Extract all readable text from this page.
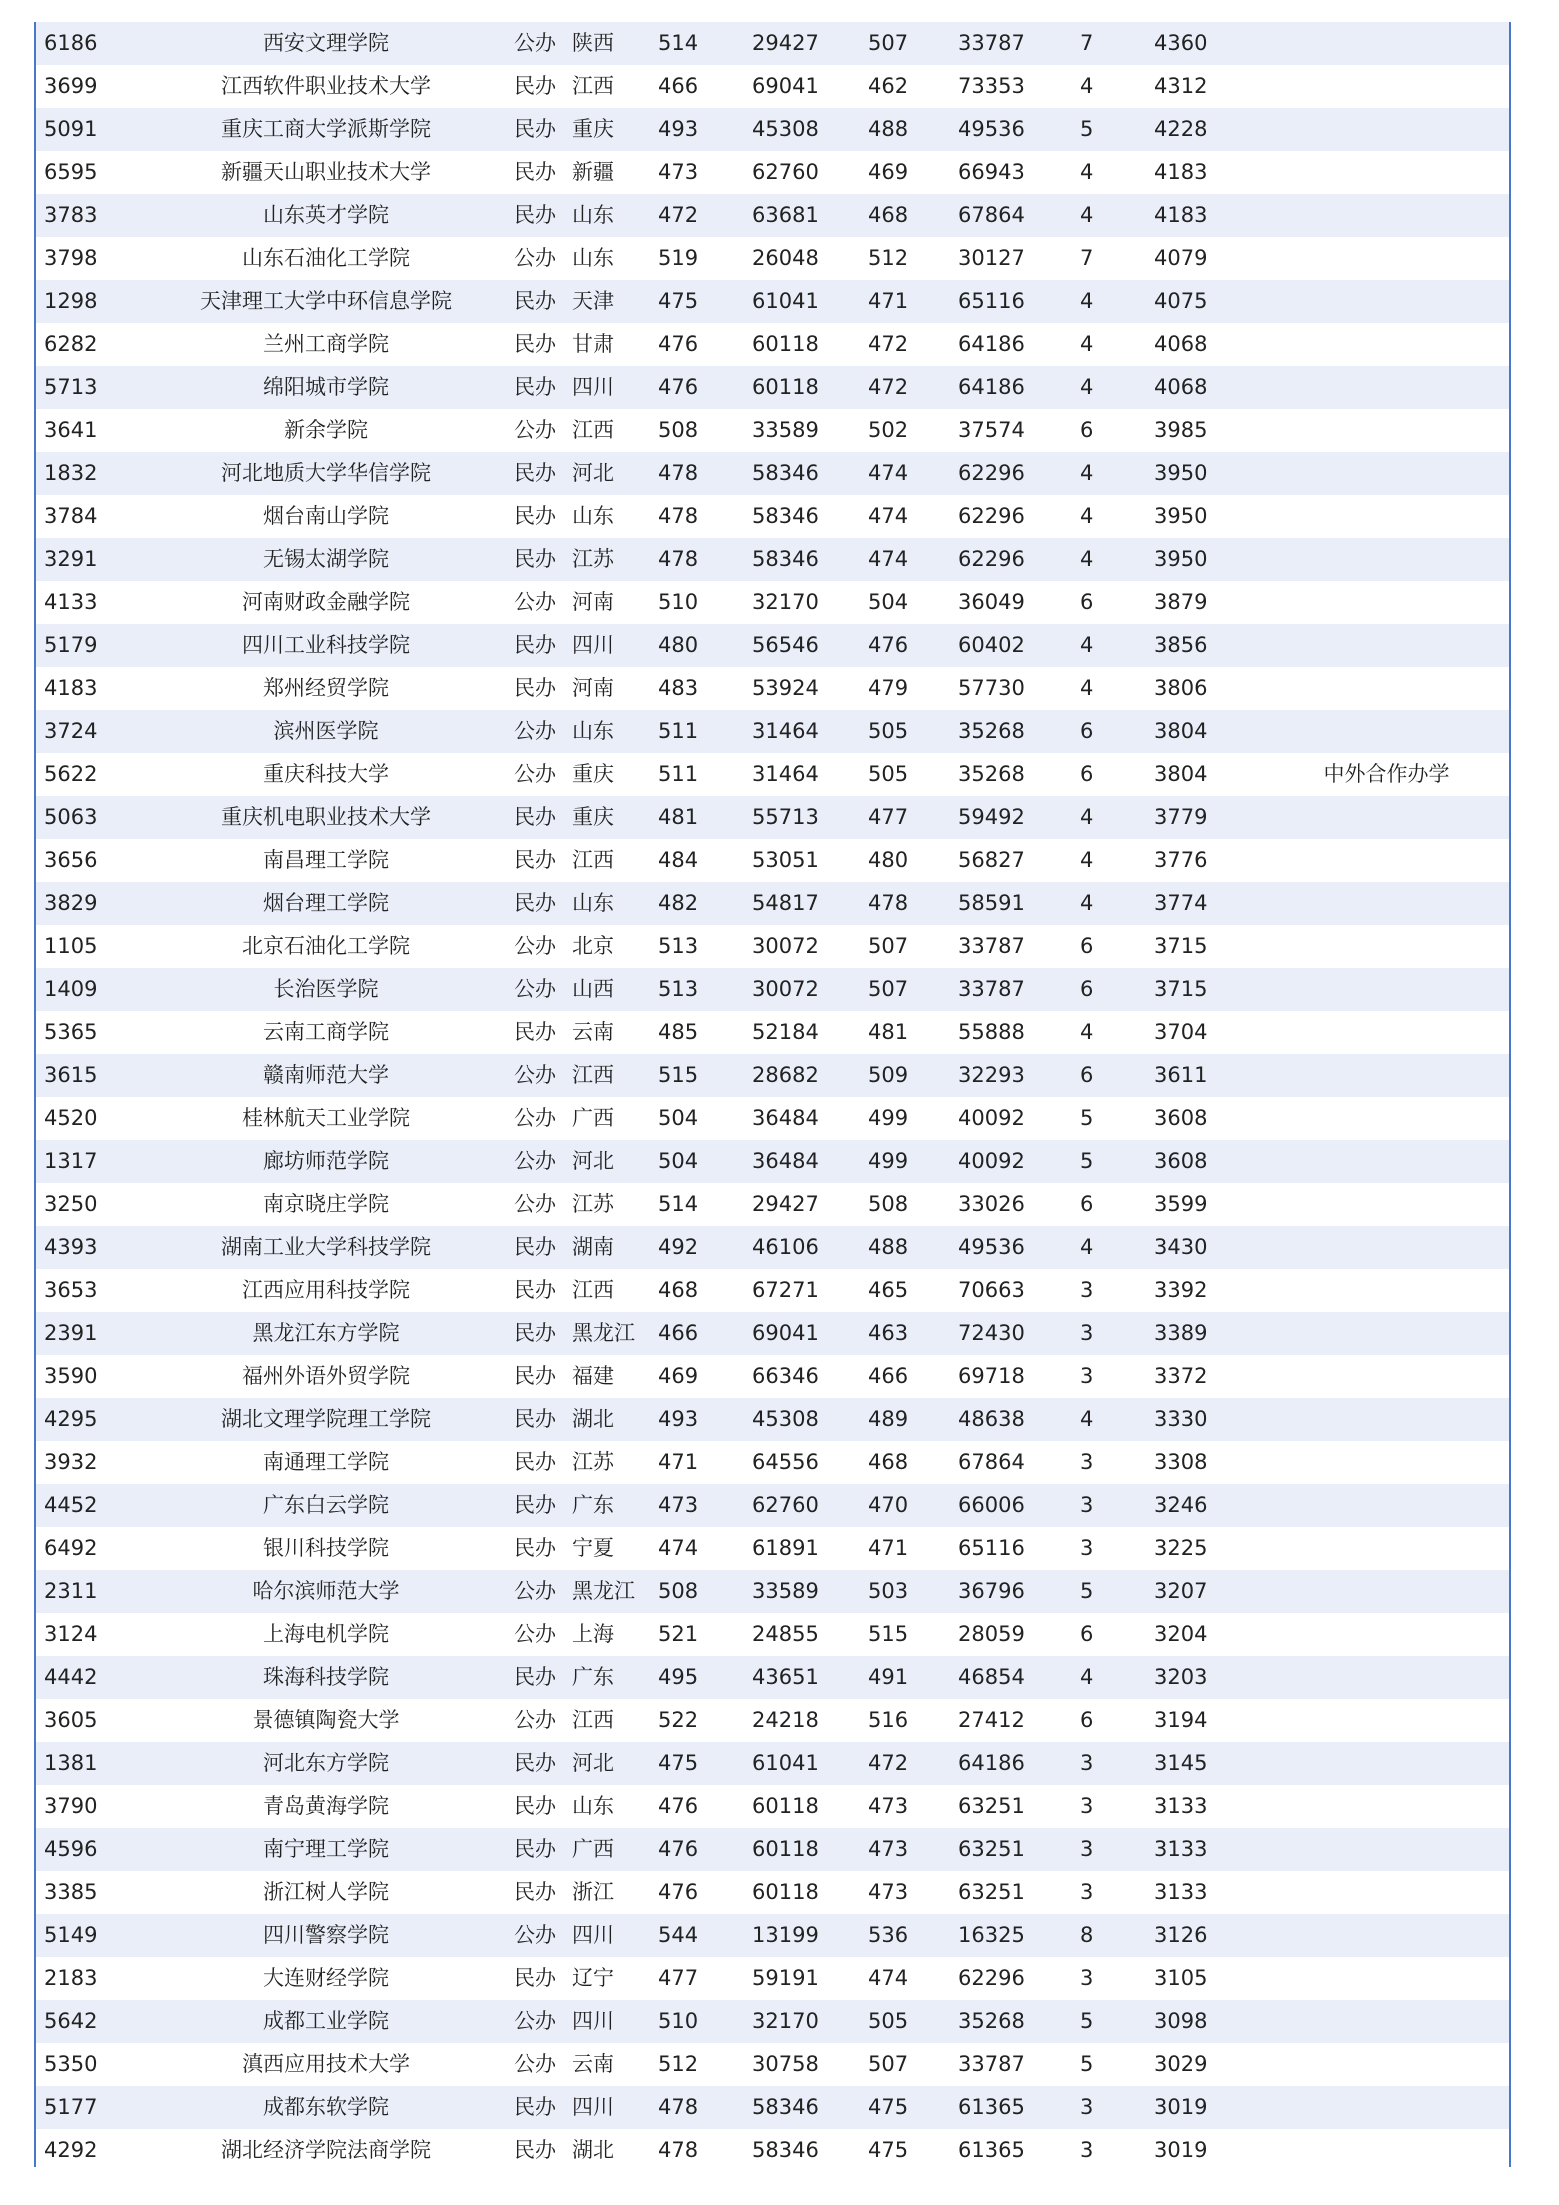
6186	西安文理学院	公办	陕西	514	29427	507	33787	7	4360	
3699	江西软件职业技术大学	民办	江西	466	69041	462	73353	4	4312	
5091	重庆工商大学派斯学院	民办	重庆	493	45308	488	49536	5	4228	
6595	新疆天山职业技术大学	民办	新疆	473	62760	469	66943	4	4183	
3783	山东英才学院	民办	山东	472	63681	468	67864	4	4183	
3798	山东石油化工学院	公办	山东	519	26048	512	30127	7	4079	
1298	天津理工大学中环信息学院	民办	天津	475	61041	471	65116	4	4075	
6282	兰州工商学院	民办	甘肃	476	60118	472	64186	4	4068	
5713	绵阳城市学院	民办	四川	476	60118	472	64186	4	4068	
3641	新余学院	公办	江西	508	33589	502	37574	6	3985	
1832	河北地质大学华信学院	民办	河北	478	58346	474	62296	4	3950	
3784	烟台南山学院	民办	山东	478	58346	474	62296	4	3950	
3291	无锡太湖学院	民办	江苏	478	58346	474	62296	4	3950	
4133	河南财政金融学院	公办	河南	510	32170	504	36049	6	3879	
5179	四川工业科技学院	民办	四川	480	56546	476	60402	4	3856	
4183	郑州经贸学院	民办	河南	483	53924	479	57730	4	3806	
3724	滨州医学院	公办	山东	511	31464	505	35268	6	3804	
5622	重庆科技大学	公办	重庆	511	31464	505	35268	6	3804	中外合作办学
5063	重庆机电职业技术大学	民办	重庆	481	55713	477	59492	4	3779	
3656	南昌理工学院	民办	江西	484	53051	480	56827	4	3776	
3829	烟台理工学院	民办	山东	482	54817	478	58591	4	3774	
1105	北京石油化工学院	公办	北京	513	30072	507	33787	6	3715	
1409	长治医学院	公办	山西	513	30072	507	33787	6	3715	
5365	云南工商学院	民办	云南	485	52184	481	55888	4	3704	
3615	赣南师范大学	公办	江西	515	28682	509	32293	6	3611	
4520	桂林航天工业学院	公办	广西	504	36484	499	40092	5	3608	
1317	廊坊师范学院	公办	河北	504	36484	499	40092	5	3608	
3250	南京晓庄学院	公办	江苏	514	29427	508	33026	6	3599	
4393	湖南工业大学科技学院	民办	湖南	492	46106	488	49536	4	3430	
3653	江西应用科技学院	民办	江西	468	67271	465	70663	3	3392	
2391	黑龙江东方学院	民办	黑龙江	466	69041	463	72430	3	3389	
3590	福州外语外贸学院	民办	福建	469	66346	466	69718	3	3372	
4295	湖北文理学院理工学院	民办	湖北	493	45308	489	48638	4	3330	
3932	南通理工学院	民办	江苏	471	64556	468	67864	3	3308	
4452	广东白云学院	民办	广东	473	62760	470	66006	3	3246	
6492	银川科技学院	民办	宁夏	474	61891	471	65116	3	3225	
2311	哈尔滨师范大学	公办	黑龙江	508	33589	503	36796	5	3207	
3124	上海电机学院	公办	上海	521	24855	515	28059	6	3204	
4442	珠海科技学院	民办	广东	495	43651	491	46854	4	3203	
3605	景德镇陶瓷大学	公办	江西	522	24218	516	27412	6	3194	
1381	河北东方学院	民办	河北	475	61041	472	64186	3	3145	
3790	青岛黄海学院	民办	山东	476	60118	473	63251	3	3133	
4596	南宁理工学院	民办	广西	476	60118	473	63251	3	3133	
3385	浙江树人学院	民办	浙江	476	60118	473	63251	3	3133	
5149	四川警察学院	公办	四川	544	13199	536	16325	8	3126	
2183	大连财经学院	民办	辽宁	477	59191	474	62296	3	3105	
5642	成都工业学院	公办	四川	510	32170	505	35268	5	3098	
5350	滇西应用技术大学	公办	云南	512	30758	507	33787	5	3029	
5177	成都东软学院	民办	四川	478	58346	475	61365	3	3019	
4292	湖北经济学院法商学院	民办	湖北	478	58346	475	61365	3	3019	
